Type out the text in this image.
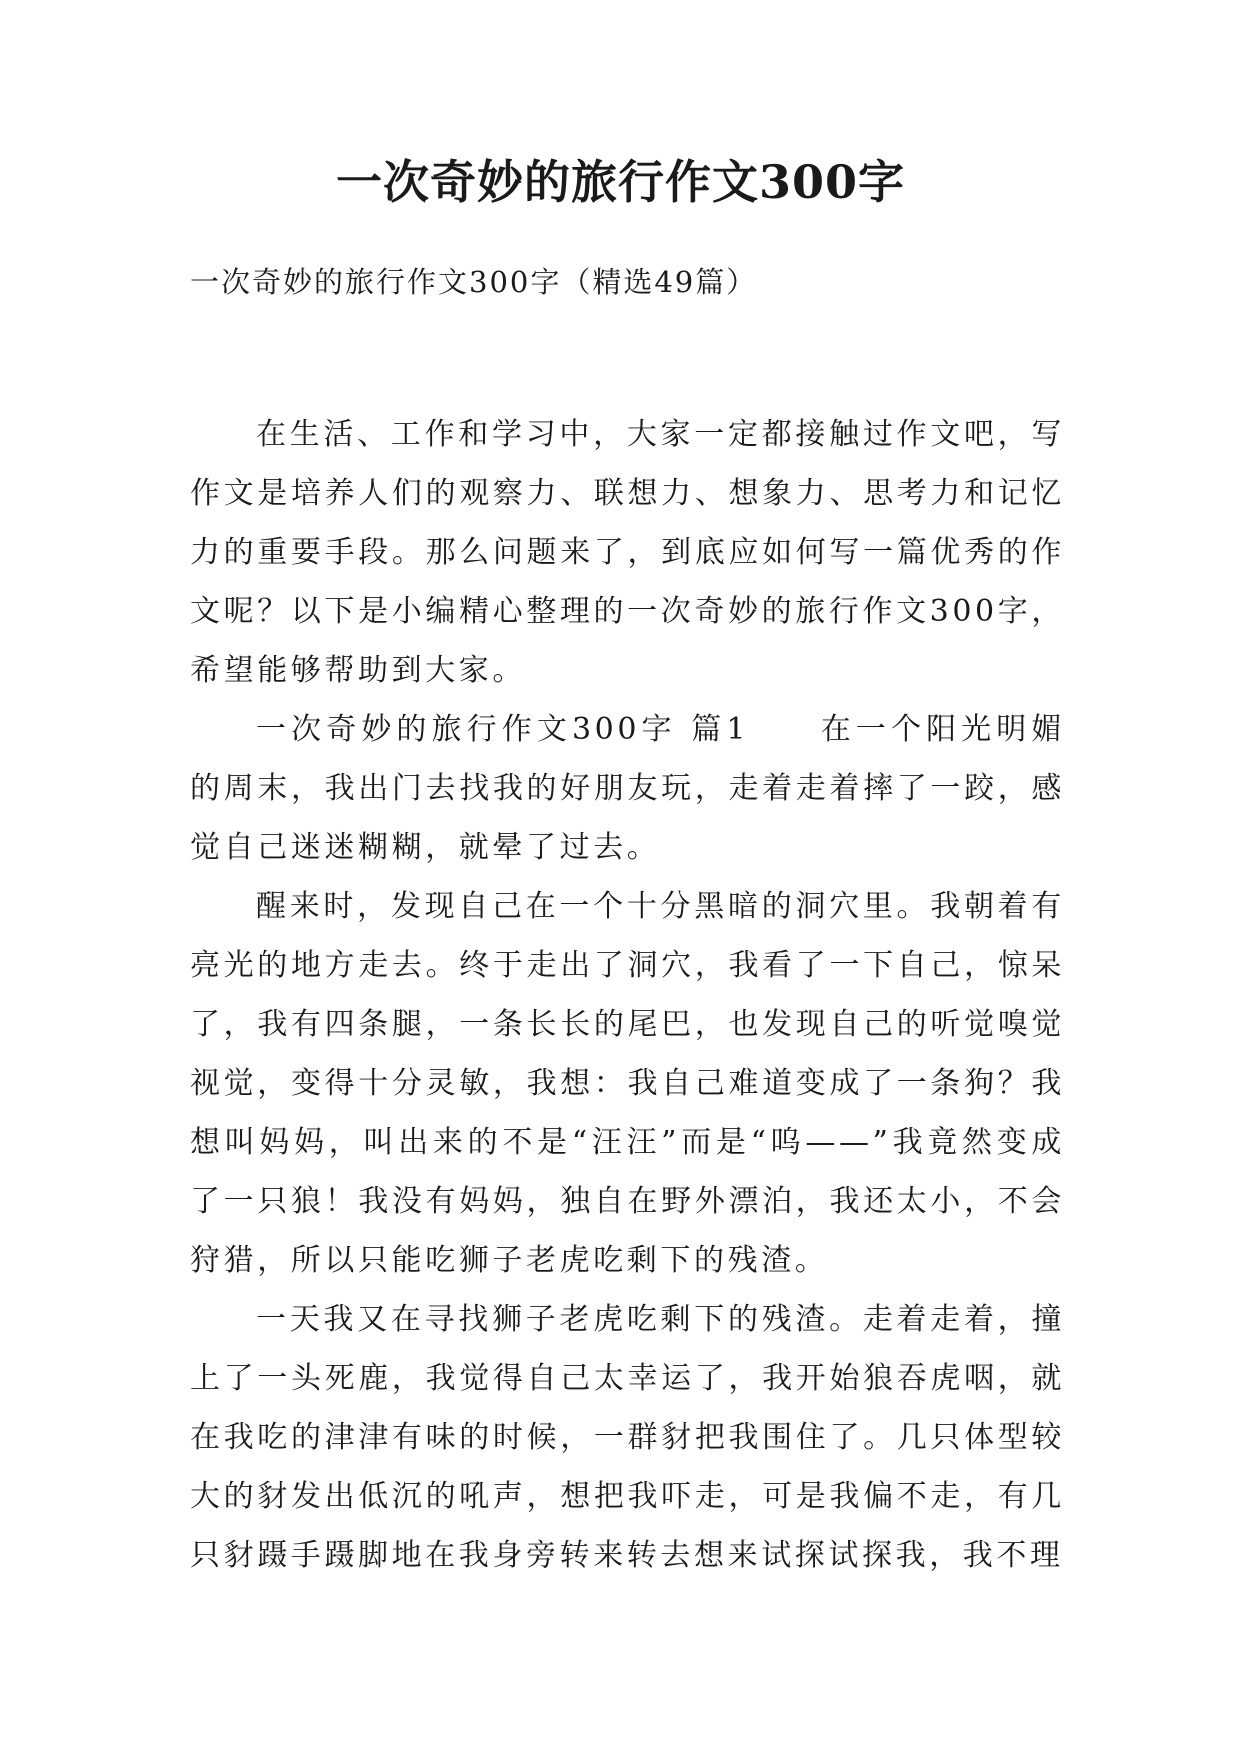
一次奇妙的旅行作文300字

一次奇妙的旅行作文300字（精选49篇）

在生活、工作和学习中，大家一定都接触过作文吧，写作文是培养人们的观察力、联想力、想象力、思考力和记忆力的重要手段。那么问题来了，到底应如何写一篇优秀的作文呢？以下是小编精心整理的一次奇妙的旅行作文300字，希望能够帮助到大家。

一次奇妙的旅行作文300字 篇1　　在一个阳光明媚的周末，我出门去找我的好朋友玩，走着走着摔了一跤，感觉自己迷迷糊糊，就晕了过去。

醒来时，发现自己在一个十分黑暗的洞穴里。我朝着有亮光的地方走去。终于走出了洞穴，我看了一下自己，惊呆了，我有四条腿，一条长长的尾巴，也发现自己的听觉嗅觉视觉，变得十分灵敏，我想：我自己难道变成了一条狗？我想叫妈妈，叫出来的不是“汪汪”而是“呜——”我竟然变成了一只狼！我没有妈妈，独自在野外漂泊，我还太小，不会狩猎，所以只能吃狮子老虎吃剩下的残渣。

一天我又在寻找狮子老虎吃剩下的残渣。走着走着，撞上了一头死鹿，我觉得自己太幸运了，我开始狼吞虎咽，就在我吃的津津有味的时候，一群豺把我围住了。几只体型较大的豺发出低沉的吼声，想把我吓走，可是我偏不走，有几只豺蹑手蹑脚地在我身旁转来转去想来试探试探我，我不理
